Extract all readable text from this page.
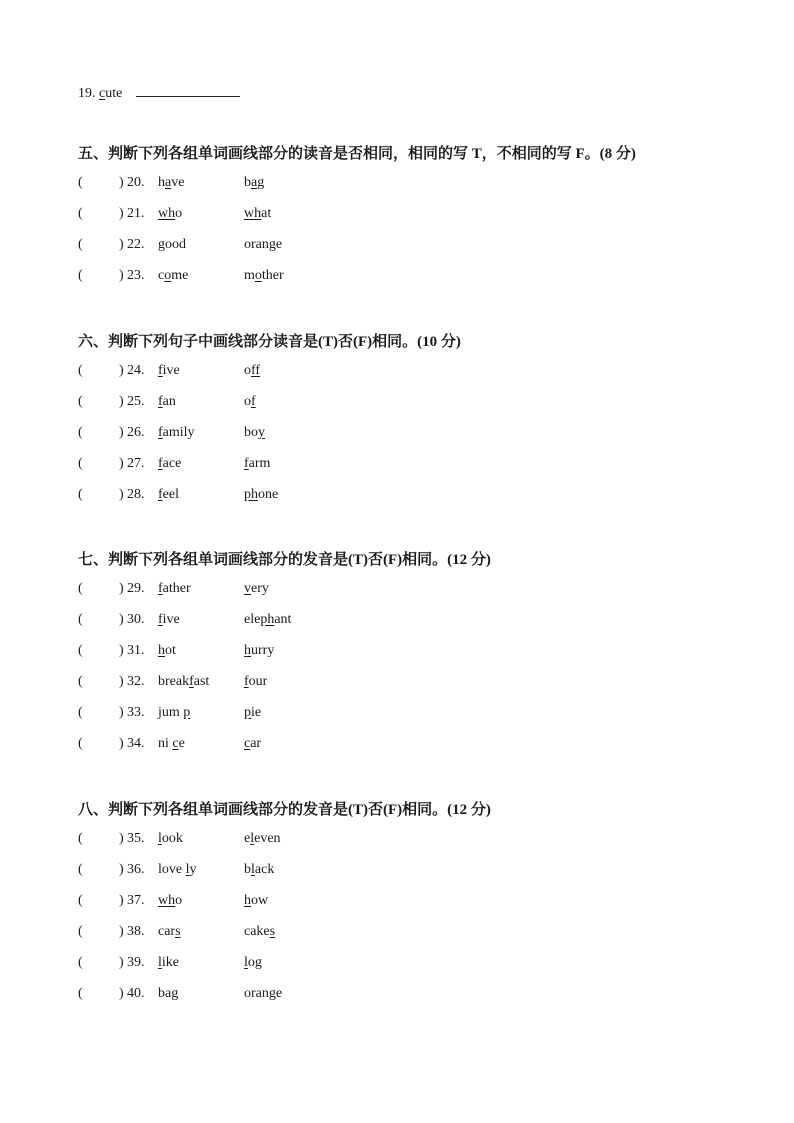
19. cute
五、判断下列各组单词画线部分的读音是否相同，相同的写 T，不相同的写 F。(8 分)
(	) 20. have	bag
(	) 21. who	what
(	) 22. good	orange
(	) 23. come	mother
六、判断下列句子中画线部分读音是(T)否(F)相同。(10 分)
(	) 24. five	off
(	) 25. fan	of
(	) 26. family	boy
(	) 27. face	farm
(	) 28. feel	phone
七、判断下列各组单词画线部分的发音是(T)否(F)相同。(12 分)
(	) 29. father	very
(	) 30. five	elephant
(	) 31. hot	hurry
(	) 32. breakfast four
(	) 33. jum p	pie
(	) 34. ni ce	car
八、判断下列各组单词画线部分的发音是(T)否(F)相同。(12 分)
(	) 35. look	eleven
(	) 36. love ly	black
(	) 37. who	how
(	) 38. cars	cakes
(	) 39. like	log
(	) 40. bag	orange
